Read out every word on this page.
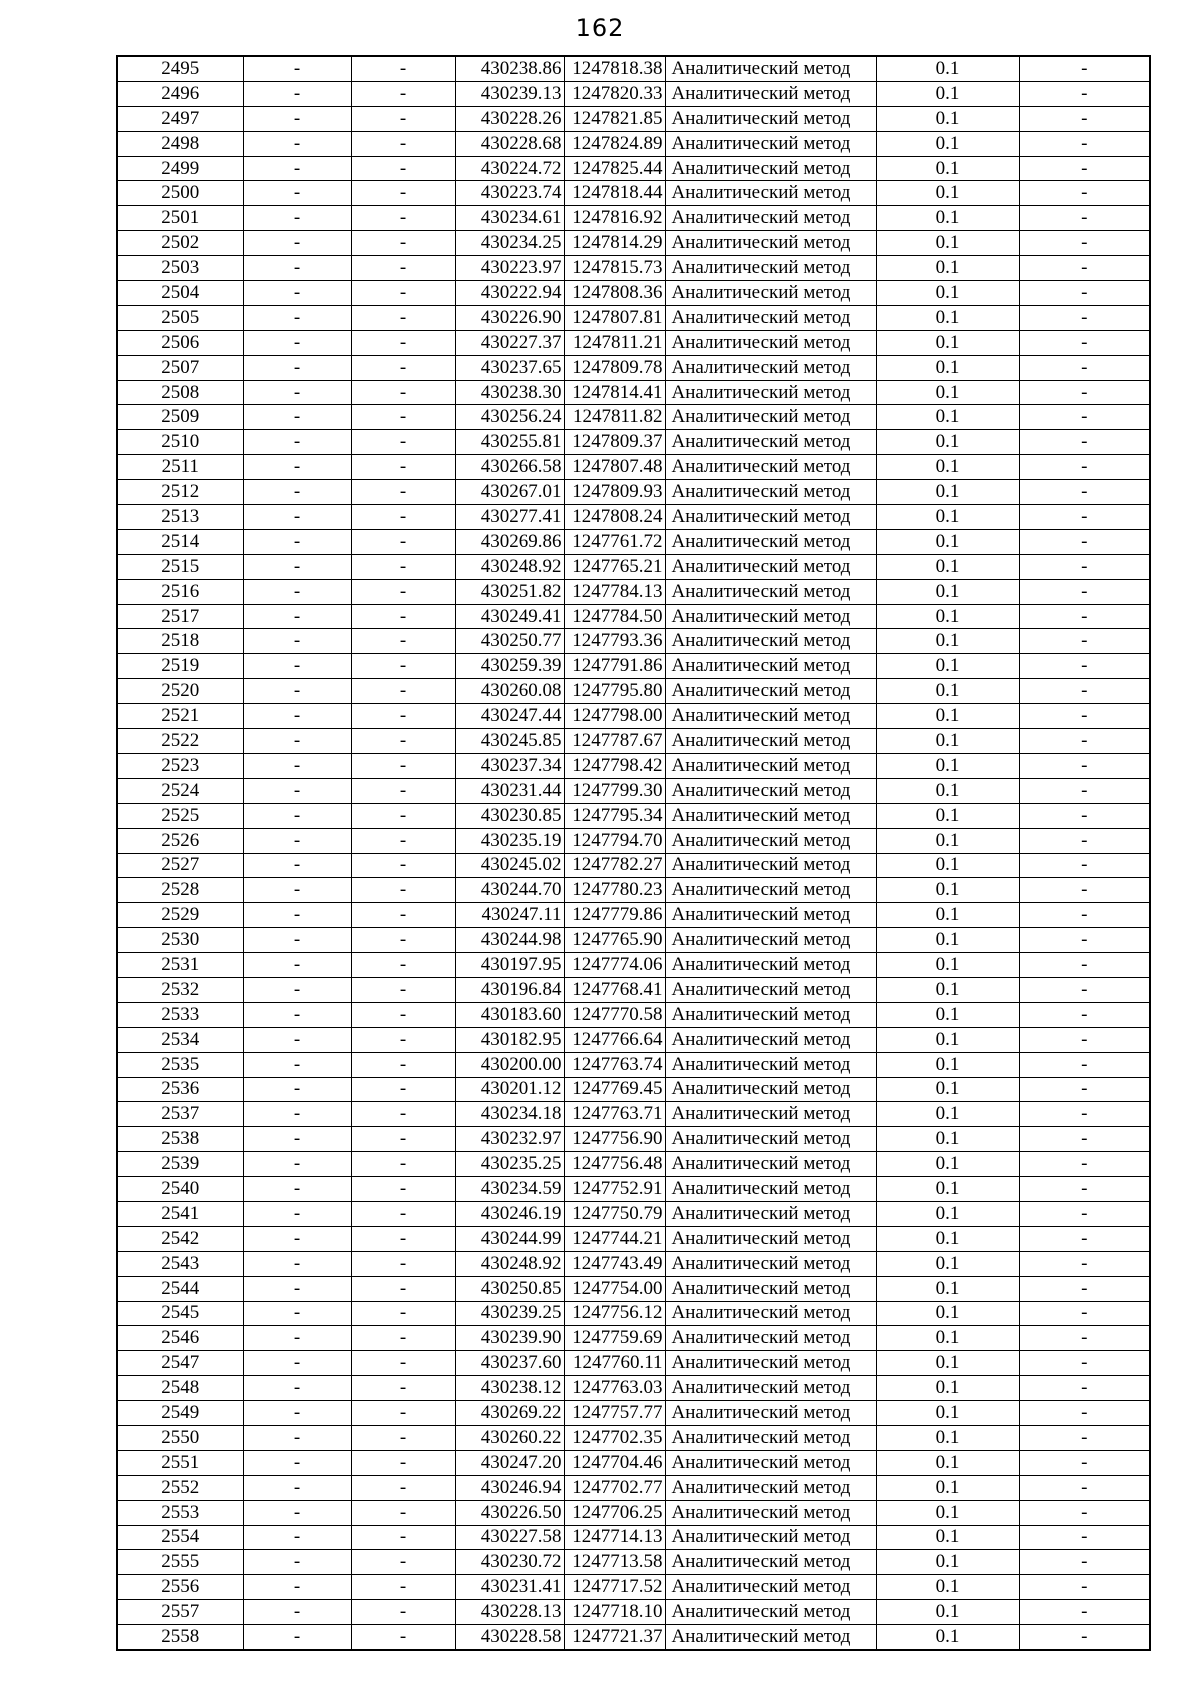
162
2495	-	-	430238.86	1247818.38	Аналитический метод	0.1	-
2496	-	-	430239.13	1247820.33	Аналитический метод	0.1	-
2497	-	-	430228.26	1247821.85	Аналитический метод	0.1	-
2498	-	-	430228.68	1247824.89	Аналитический метод	0.1	-
2499	-	-	430224.72	1247825.44	Аналитический метод	0.1	-
2500	-	-	430223.74	1247818.44	Аналитический метод	0.1	-
2501	-	-	430234.61	1247816.92	Аналитический метод	0.1	-
2502	-	-	430234.25	1247814.29	Аналитический метод	0.1	-
2503	-	-	430223.97	1247815.73	Аналитический метод	0.1	-
2504	-	-	430222.94	1247808.36	Аналитический метод	0.1	-
2505	-	-	430226.90	1247807.81	Аналитический метод	0.1	-
2506	-	-	430227.37	1247811.21	Аналитический метод	0.1	-
2507	-	-	430237.65	1247809.78	Аналитический метод	0.1	-
2508	-	-	430238.30	1247814.41	Аналитический метод	0.1	-
2509	-	-	430256.24	1247811.82	Аналитический метод	0.1	-
2510	-	-	430255.81	1247809.37	Аналитический метод	0.1	-
2511	-	-	430266.58	1247807.48	Аналитический метод	0.1	-
2512	-	-	430267.01	1247809.93	Аналитический метод	0.1	-
2513	-	-	430277.41	1247808.24	Аналитический метод	0.1	-
2514	-	-	430269.86	1247761.72	Аналитический метод	0.1	-
2515	-	-	430248.92	1247765.21	Аналитический метод	0.1	-
2516	-	-	430251.82	1247784.13	Аналитический метод	0.1	-
2517	-	-	430249.41	1247784.50	Аналитический метод	0.1	-
2518	-	-	430250.77	1247793.36	Аналитический метод	0.1	-
2519	-	-	430259.39	1247791.86	Аналитический метод	0.1	-
2520	-	-	430260.08	1247795.80	Аналитический метод	0.1	-
2521	-	-	430247.44	1247798.00	Аналитический метод	0.1	-
2522	-	-	430245.85	1247787.67	Аналитический метод	0.1	-
2523	-	-	430237.34	1247798.42	Аналитический метод	0.1	-
2524	-	-	430231.44	1247799.30	Аналитический метод	0.1	-
2525	-	-	430230.85	1247795.34	Аналитический метод	0.1	-
2526	-	-	430235.19	1247794.70	Аналитический метод	0.1	-
2527	-	-	430245.02	1247782.27	Аналитический метод	0.1	-
2528	-	-	430244.70	1247780.23	Аналитический метод	0.1	-
2529	-	-	430247.11	1247779.86	Аналитический метод	0.1	-
2530	-	-	430244.98	1247765.90	Аналитический метод	0.1	-
2531	-	-	430197.95	1247774.06	Аналитический метод	0.1	-
2532	-	-	430196.84	1247768.41	Аналитический метод	0.1	-
2533	-	-	430183.60	1247770.58	Аналитический метод	0.1	-
2534	-	-	430182.95	1247766.64	Аналитический метод	0.1	-
2535	-	-	430200.00	1247763.74	Аналитический метод	0.1	-
2536	-	-	430201.12	1247769.45	Аналитический метод	0.1	-
2537	-	-	430234.18	1247763.71	Аналитический метод	0.1	-
2538	-	-	430232.97	1247756.90	Аналитический метод	0.1	-
2539	-	-	430235.25	1247756.48	Аналитический метод	0.1	-
2540	-	-	430234.59	1247752.91	Аналитический метод	0.1	-
2541	-	-	430246.19	1247750.79	Аналитический метод	0.1	-
2542	-	-	430244.99	1247744.21	Аналитический метод	0.1	-
2543	-	-	430248.92	1247743.49	Аналитический метод	0.1	-
2544	-	-	430250.85	1247754.00	Аналитический метод	0.1	-
2545	-	-	430239.25	1247756.12	Аналитический метод	0.1	-
2546	-	-	430239.90	1247759.69	Аналитический метод	0.1	-
2547	-	-	430237.60	1247760.11	Аналитический метод	0.1	-
2548	-	-	430238.12	1247763.03	Аналитический метод	0.1	-
2549	-	-	430269.22	1247757.77	Аналитический метод	0.1	-
2550	-	-	430260.22	1247702.35	Аналитический метод	0.1	-
2551	-	-	430247.20	1247704.46	Аналитический метод	0.1	-
2552	-	-	430246.94	1247702.77	Аналитический метод	0.1	-
2553	-	-	430226.50	1247706.25	Аналитический метод	0.1	-
2554	-	-	430227.58	1247714.13	Аналитический метод	0.1	-
2555	-	-	430230.72	1247713.58	Аналитический метод	0.1	-
2556	-	-	430231.41	1247717.52	Аналитический метод	0.1	-
2557	-	-	430228.13	1247718.10	Аналитический метод	0.1	-
2558	-	-	430228.58	1247721.37	Аналитический метод	0.1	-
